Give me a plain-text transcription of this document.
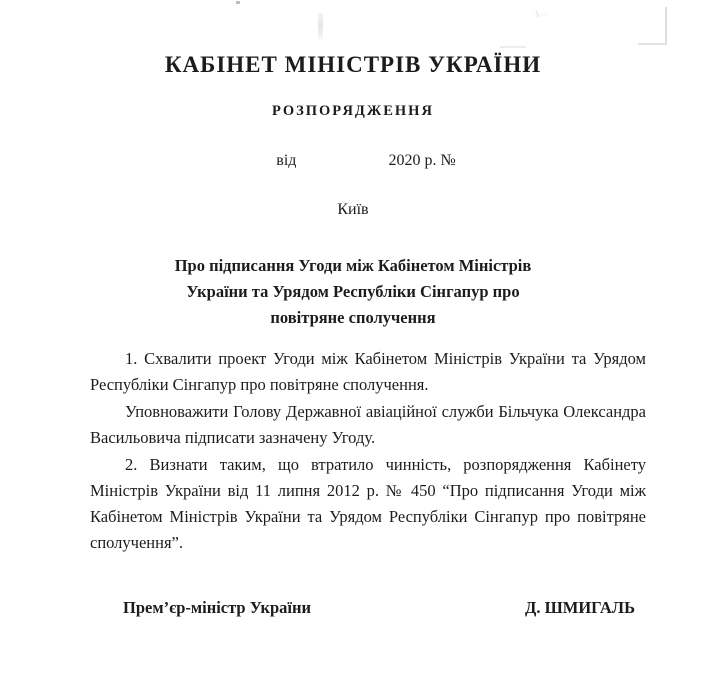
КАБІНЕТ МІНІСТРІВ УКРАЇНИ
РОЗПОРЯДЖЕННЯ
від	2020 р. №
Київ
Про підписання Угоди між Кабінетом Міністрів
України та Урядом Республіки Сінгапур про
повітряне сполучення

1. Схвалити проект Угоди між Кабінетом Міністрів України та Урядом Республіки Сінгапур про повітряне сполучення.

Уповноважити Голову Державної авіаційної служби Більчука Олександра Васильовича підписати зазначену Угоду.

2. Визнати таким, що втратило чинність, розпорядження Кабінету Міністрів України від 11 липня 2012 р. № 450 “Про підписання Угоди між Кабінетом Міністрів України та Урядом Республіки Сінгапур про повітряне сполучення”.

Прем’єр-міністр України	Д. ШМИГАЛЬ
